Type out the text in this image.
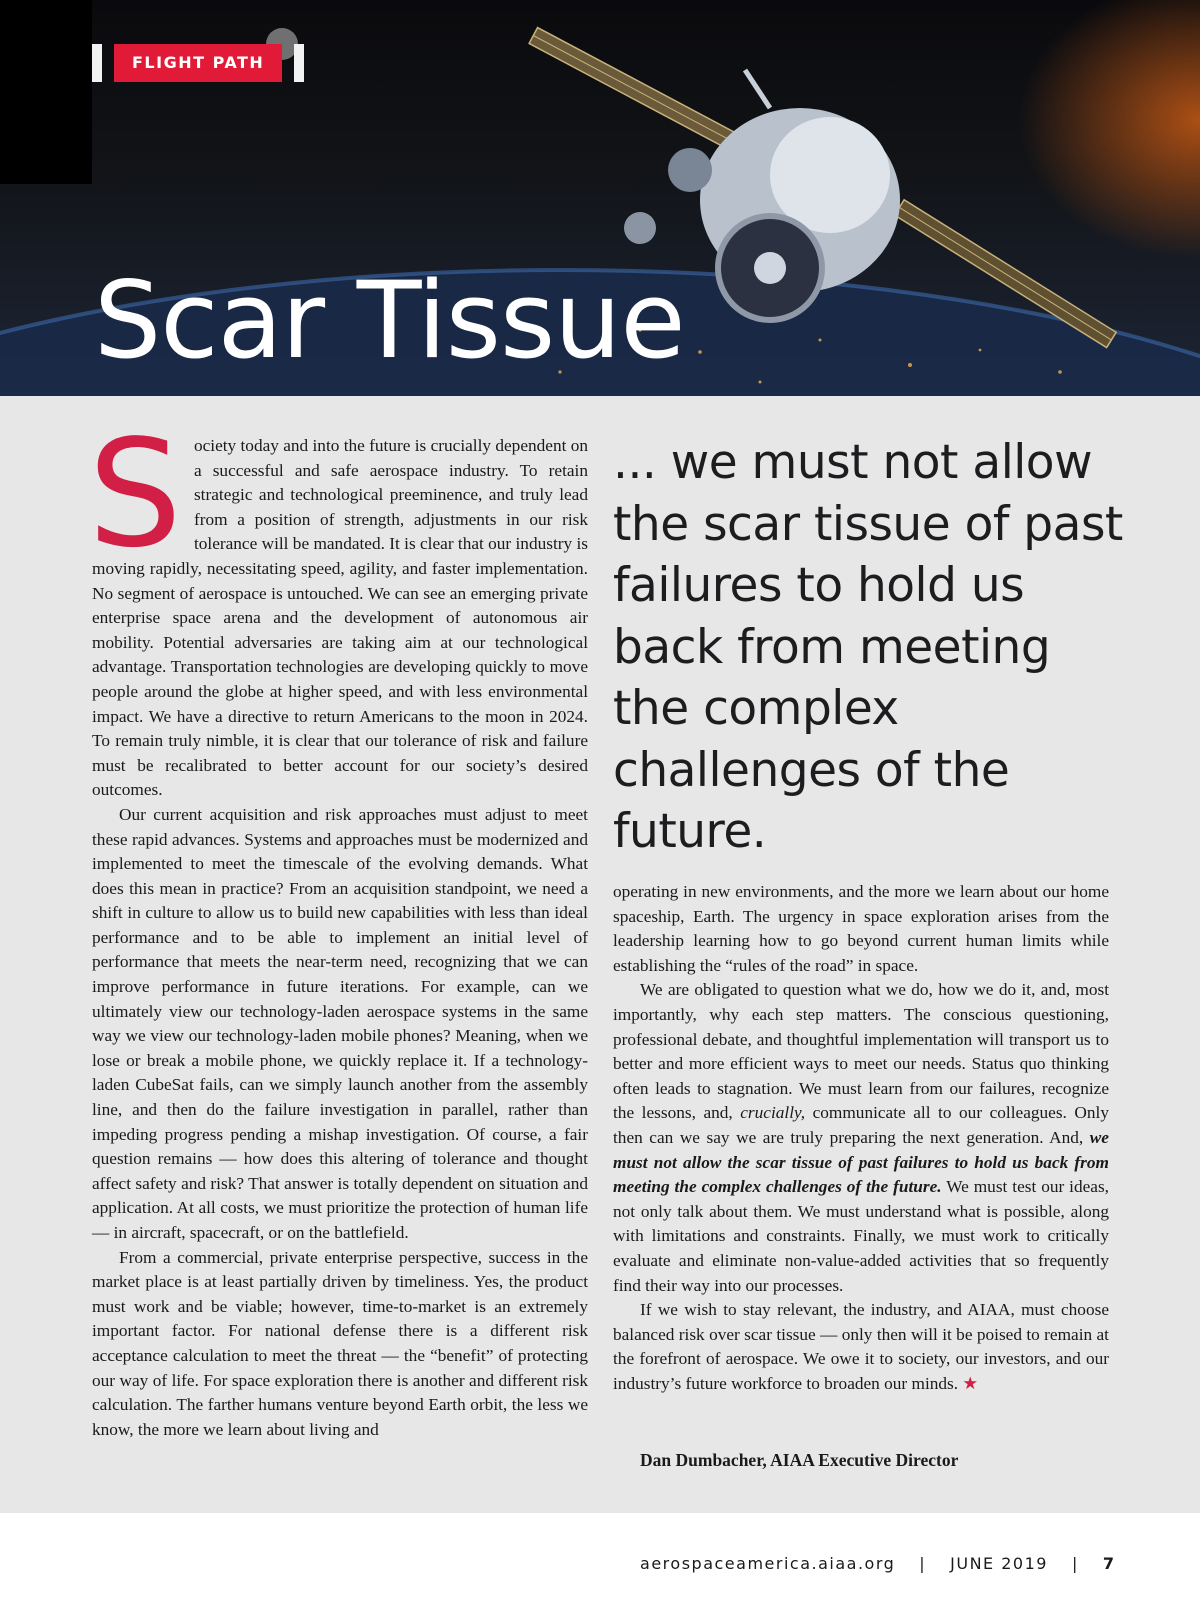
FLIGHT PATH
Scar Tissue

Society today and into the future is crucially dependent on a successful and safe aerospace industry. To retain strategic and technological preeminence, and truly lead from a position of strength, adjustments in our risk tolerance will be mandated. It is clear that our industry is moving rapidly, necessitating speed, agility, and faster implementation. No segment of aerospace is untouched. We can see an emerging private enterprise space arena and the development of autonomous air mobility. Potential adversaries are taking aim at our technological advantage. Transportation technologies are developing quickly to move people around the globe at higher speed, and with less environmental impact. We have a directive to return Americans to the moon in 2024. To remain truly nimble, it is clear that our tolerance of risk and failure must be recalibrated to better account for our society’s desired outcomes.

Our current acquisition and risk approaches must adjust to meet these rapid advances. Systems and approaches must be modernized and implemented to meet the timescale of the evolving demands. What does this mean in practice? From an acquisition standpoint, we need a shift in culture to allow us to build new capabilities with less than ideal performance and to be able to implement an initial level of performance that meets the near-term need, recognizing that we can improve performance in future iterations. For example, can we ultimately view our technology-laden aerospace systems in the same way we view our technology-laden mobile phones? Meaning, when we lose or break a mobile phone, we quickly replace it. If a technology-laden CubeSat fails, can we simply launch another from the assembly line, and then do the failure investigation in parallel, rather than impeding progress pending a mishap investigation. Of course, a fair question remains — how does this altering of tolerance and thought affect safety and risk? That answer is totally dependent on situation and application. At all costs, we must prioritize the protection of human life — in aircraft, spacecraft, or on the battlefield.

From a commercial, private enterprise perspective, success in the market place is at least partially driven by timeliness. Yes, the product must work and be viable; however, time-to-market is an extremely important factor. For national defense there is a different risk acceptance calculation to meet the threat — the “benefit” of protecting our way of life. For space exploration there is another and different risk calculation. The farther humans venture beyond Earth orbit, the less we know, the more we learn about living and

... we must not allow the scar tissue of past failures to hold us back from meeting the complex challenges of the future.

operating in new environments, and the more we learn about our home spaceship, Earth. The urgency in space exploration arises from the leadership learning how to go beyond current human limits while establishing the “rules of the road” in space.

We are obligated to question what we do, how we do it, and, most importantly, why each step matters. The conscious questioning, professional debate, and thoughtful implementation will transport us to better and more efficient ways to meet our needs. Status quo thinking often leads to stagnation. We must learn from our failures, recognize the lessons, and, crucially, communicate all to our colleagues. Only then can we say we are truly preparing the next generation. And, we must not allow the scar tissue of past failures to hold us back from meeting the complex challenges of the future. We must test our ideas, not only talk about them. We must understand what is possible, along with limitations and constraints. Finally, we must work to critically evaluate and eliminate non-value-added activities that so frequently find their way into our processes.

If we wish to stay relevant, the industry, and AIAA, must choose balanced risk over scar tissue — only then will it be poised to remain at the forefront of aerospace. We owe it to society, our investors, and our industry’s future workforce to broaden our minds. ★

Dan Dumbacher, AIAA Executive Director
aerospaceamerica.aiaa.org | JUNE 2019 | 7
